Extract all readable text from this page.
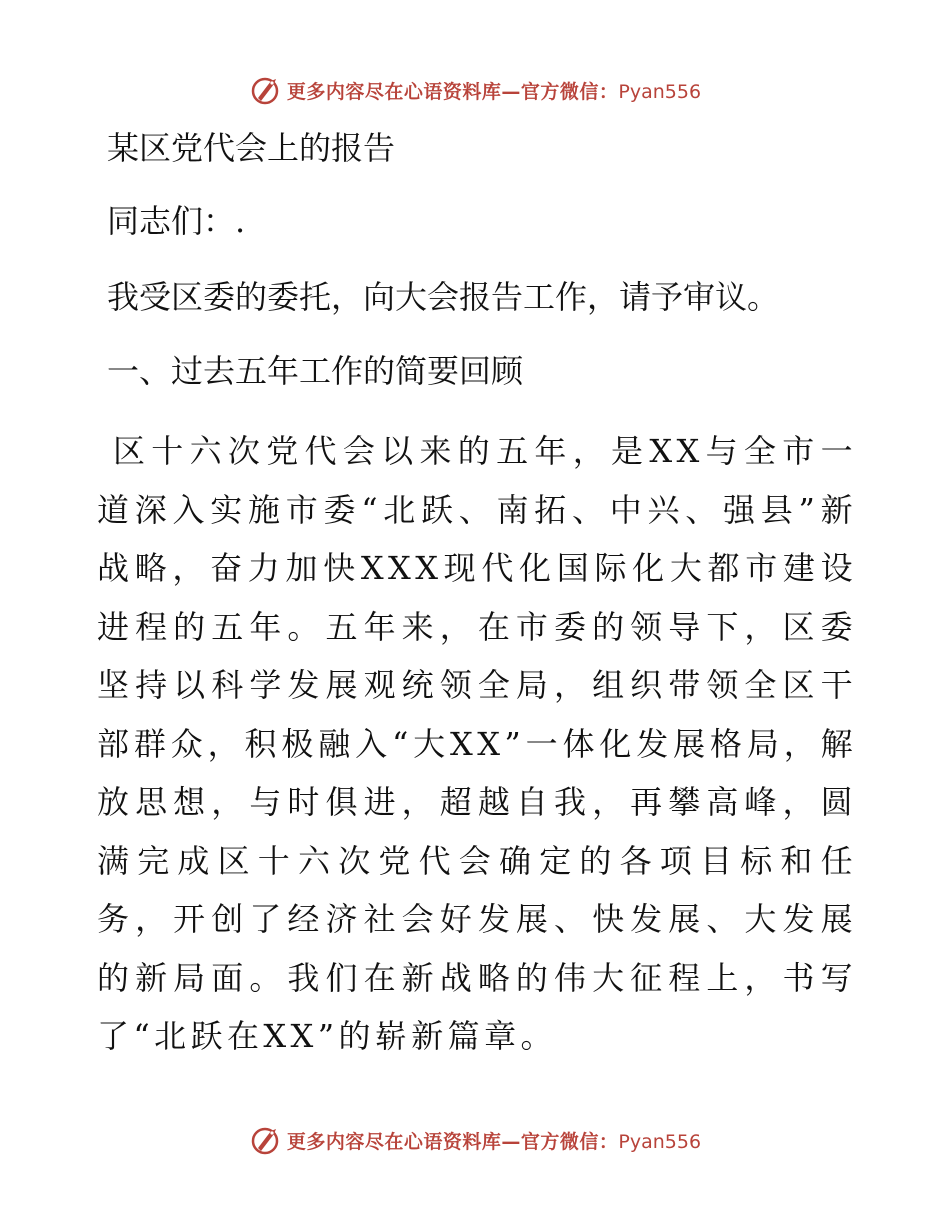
更多内容尽在心语资料库—官方微信：Pyan556
某区党代会上的报告
同志们：.
我受区委的委托，向大会报告工作，请予审议。
一、过去五年工作的简要回顾
区十六次党代会以来的五年，是XX与全市一道深入实施市委“北跃、南拓、中兴、强县”新战略，奋力加快XXX现代化国际化大都市建设进程的五年。五年来，在市委的领导下，区委坚持以科学发展观统领全局，组织带领全区干部群众，积极融入“大XX”一体化发展格局，解放思想，与时俱进，超越自我，再攀高峰，圆满完成区十六次党代会确定的各项目标和任务，开创了经济社会好发展、快发展、大发展的新局面。我们在新战略的伟大征程上，书写了“北跃在XX”的崭新篇章。
更多内容尽在心语资料库—官方微信：Pyan556
